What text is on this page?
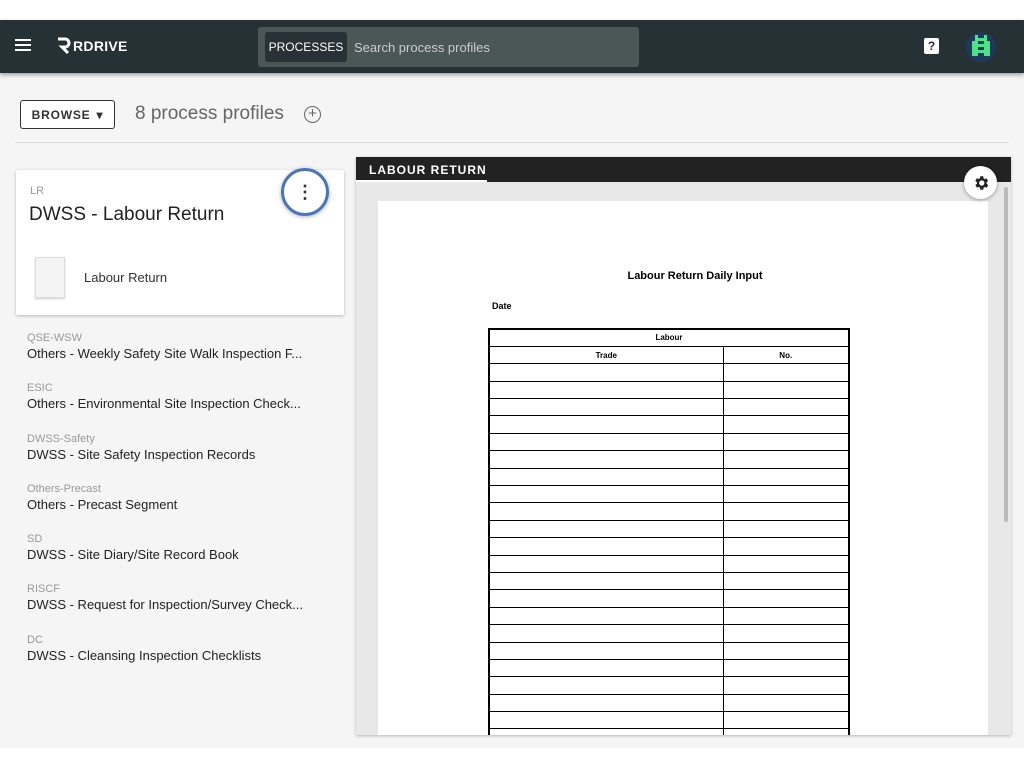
RDRIVE	PROCESSES
Search process profiles	?
BROWSE ▾ 8 process profiles +
LR
DWSS - Labour Return
Labour Return
⋮
QSE-WSW
Others - Weekly Safety Site Walk Inspection F...
ESIC
Others - Environmental Site Inspection Check...
DWSS-Safety
DWSS - Site Safety Inspection Records
Others-Precast
Others - Precast Segment
SD
DWSS - Site Diary/Site Record Book
RISCF
DWSS - Request for Inspection/Survey Check...
DC
DWSS - Cleansing Inspection Checklists
LABOUR RETURN
Labour Return Daily Input
Date
Labour	
Trade	No.
